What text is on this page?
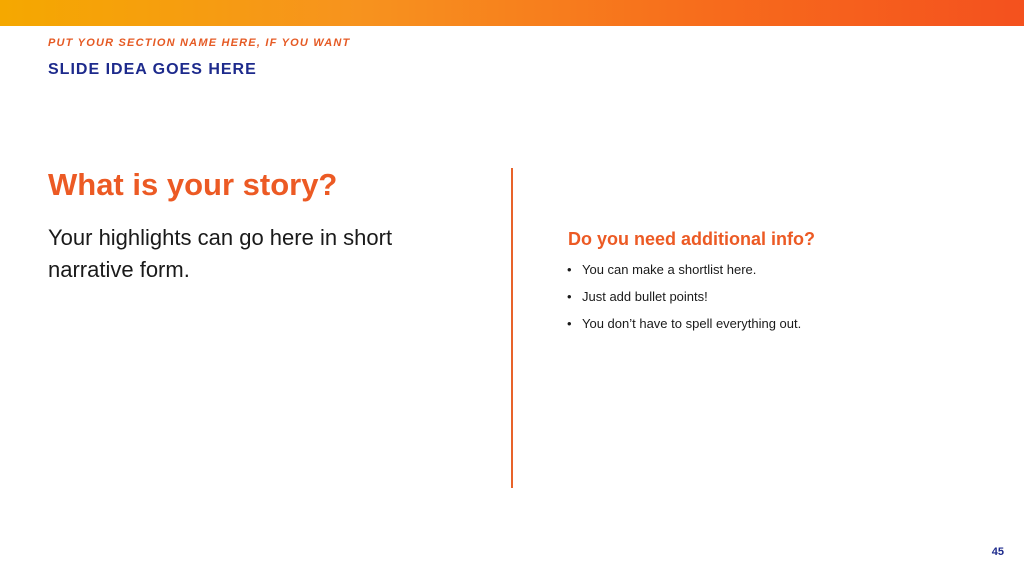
PUT YOUR SECTION NAME HERE, IF YOU WANT
SLIDE IDEA GOES HERE
What is your story?
Your highlights can go here in short narrative form.
Do you need additional info?
• You can make a shortlist here.
• Just add bullet points!
• You don’t have to spell everything out.
45
